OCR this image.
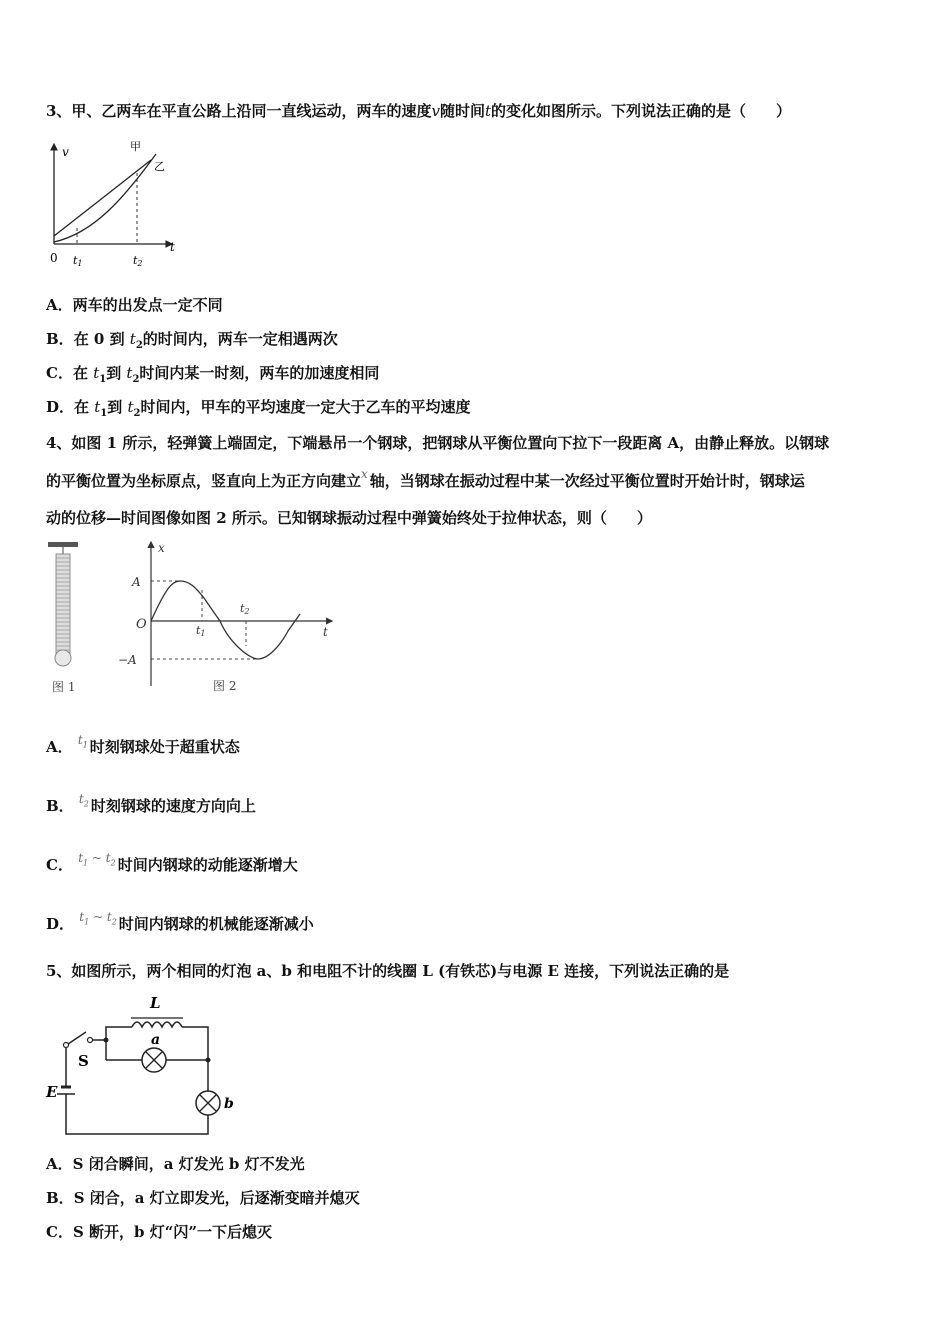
3、甲、乙两车在平直公路上沿同一直线运动，两车的速度v随时间t的变化如图所示。下列说法正确的是（　　）
v
t
0
甲
乙
t1	t2
A．两车的出发点一定不同
B．在 0 到 $t_2$的时间内，两车一定相遇两次
C．在 $t_1$到 $t_2$时间内某一时刻，两车的加速度相同
D．在 $t_1$到 $t_2$时间内，甲车的平均速度一定大于乙车的平均速度
4、如图 1 所示，轻弹簧上端固定，下端悬吊一个钢球，把钢球从平衡位置向下拉下一段距离 A，由静止释放。以钢球
的平衡位置为坐标原点，竖直向上为正方向建立$^x$ 轴，当钢球在振动过程中某一次经过平衡位置时开始计时，钢球运
动的位移—时间图像如图 2 所示。已知钢球振动过程中弹簧始终处于拉伸状态，则（　　）
图 1
x
t
O
A
−A
t1
t2
图 2
A． $^{t_1}$ 时刻钢球处于超重状态
B． $^{t_2}$ 时刻钢球的速度方向向上
C． $^{t_1 \sim t_2}$ 时间内钢球的动能逐渐增大
D． $^{t_1 \sim t_2}$ 时间内钢球的机械能逐渐减小
5、如图所示，两个相同的灯泡 a、b 和电阻不计的线圈 L (有铁芯)与电源 E 连接，下列说法正确的是
L
a
b
E
S
A．S 闭合瞬间，a 灯发光 b 灯不发光
B．S 闭合，a 灯立即发光，后逐渐变暗并熄灭
C．S 断开，b 灯“闪”一下后熄灭
